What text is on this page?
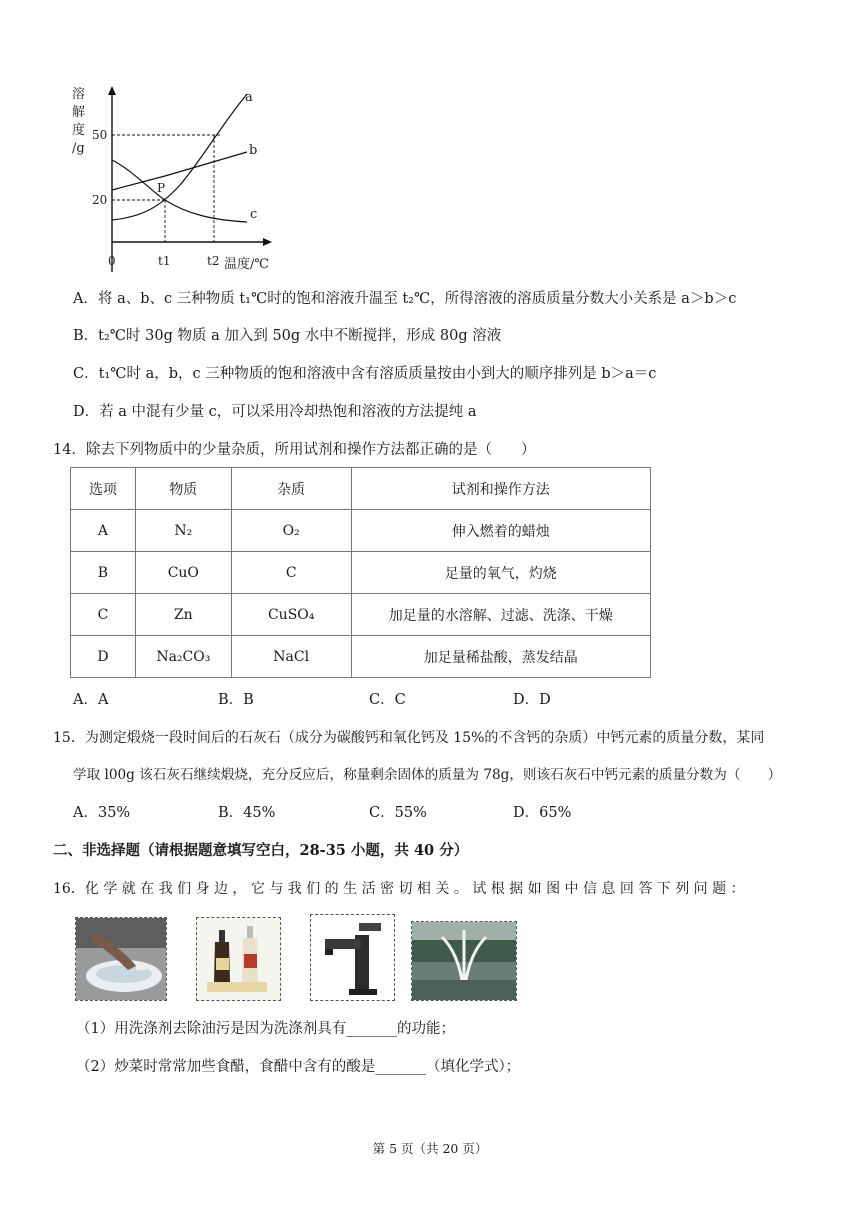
溶
解
度
/g
50
20
0	t1	t2 温度/℃
P
a
b
c
A．将 a、b、c 三种物质 t₁℃时的饱和溶液升温至 t₂℃，所得溶液的溶质质量分数大小关系是 a＞b＞c
B．t₂℃时 30g 物质 a 加入到 50g 水中不断搅拌，形成 80g 溶液
C．t₁℃时 a，b，c 三种物质的饱和溶液中含有溶质质量按由小到大的顺序排列是 b＞a＝c
D．若 a 中混有少量 c，可以采用冷却热饱和溶液的方法提纯 a
14．除去下列物质中的少量杂质，所用试剂和操作方法都正确的是（　　）
选项	物质	杂质	试剂和操作方法
A	N₂	O₂	伸入燃着的蜡烛
B	CuO	C	足量的氧气，灼烧
C	Zn	CuSO₄	加足量的水溶解、过滤、洗涤、干燥
D	Na₂CO₃	NaCl	加足量稀盐酸，蒸发结晶
A．A	B．B	C．C	D．D
15．为测定煅烧一段时间后的石灰石（成分为碳酸钙和氧化钙及 15%的不含钙的杂质）中钙元素的质量分数，某同
学取 l00g 该石灰石继续煅烧，充分反应后，称量剩余固体的质量为 78g，则该石灰石中钙元素的质量分数为（　　）
A．35%	B．45%	C．55%	D．65%
二、非选择题（请根据题意填写空白，28-35 小题，共 40 分）
16．化 学 就 在 我 们 身 边 ， 它 与 我 们 的 生 活 密 切 相 关 。 试 根 据 如 图 中 信 息 回 答 下 列 问 题 ：
（1）用洗涤剂去除油污是因为洗涤剂具有_______的功能；
（2）炒菜时常常加些食醋，食醋中含有的酸是_______（填化学式）；
第 5 页（共 20 页）
